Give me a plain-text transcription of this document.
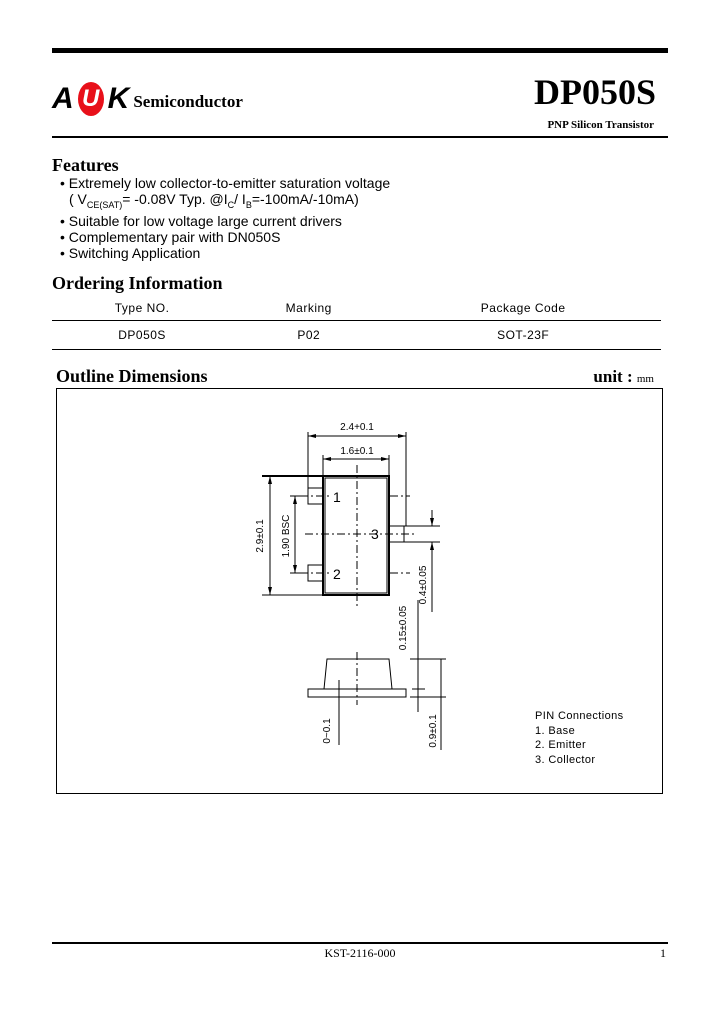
A U K Semiconductor	DP050S
PNP Silicon Transistor
Features
• Extremely low collector-to-emitter saturation voltage
( $V_{CE(SAT)}= -0.08V$ Typ. $@I_C/$ $I_B=-100mA/-10mA$)
• Suitable for low voltage large current drivers
• Complementary pair with DN050S
• Switching Application
Ordering Information
Type NO.	Marking	Package Code
DP050S	P02	SOT-23F
Outline Dimensions	unit : mm
2.4+0.1
1.6±0.1
2.9±0.1 1.90 BSC
0.4±0.05
0.15±0.05
0~0.1	0.9±0.1
1
2
3
PIN Connections
1. Base
2. Emitter
3. Collector
KST-2116-000	1
